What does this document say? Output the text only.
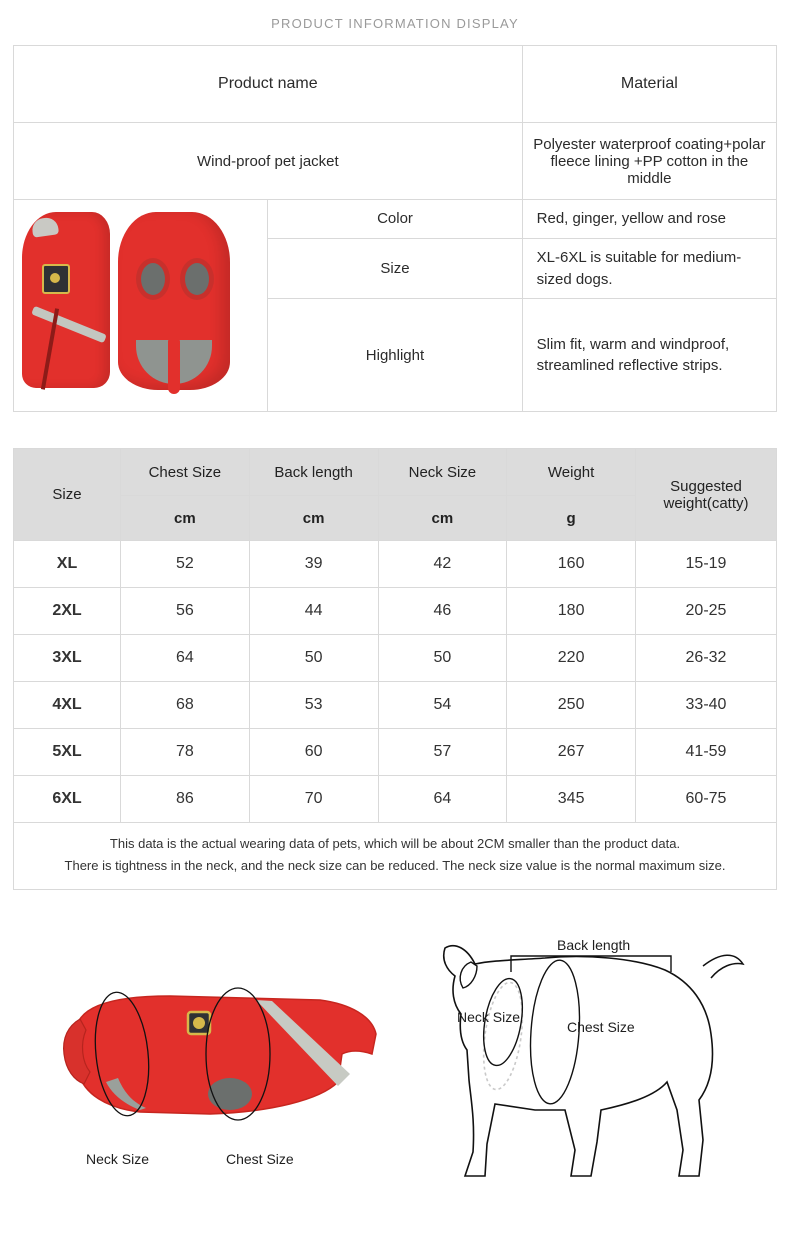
PRODUCT INFORMATION DISPLAY
Product name		Material
Wind-proof pet jacket		Polyester waterproof coating+polar fleece lining +PP cotton in the middle

	Color	Red, ginger, yellow and rose
	Size	XL-6XL is suitable for medium-sized dogs.
	Highlight	Slim fit, warm and windproof, streamlined reflective strips.
Size	Chest Size	Back length	Neck Size	Weight	Suggested weight(catty)
	cm	cm	cm	g	
XL	52	39	42	160	15-19
2XL	56	44	46	180	20-25
3XL	64	50	50	220	26-32
4XL	68	53	54	250	33-40
5XL	78	60	57	267	41-59
6XL	86	70	64	345	60-75
This data is the actual wearing data of pets, which will be about 2CM smaller than the product data.
There is tightness in the neck, and the neck size can be reduced. The neck size value is the normal maximum size.
Neck Size	Chest Size
Back length
Neck Size
Chest Size
